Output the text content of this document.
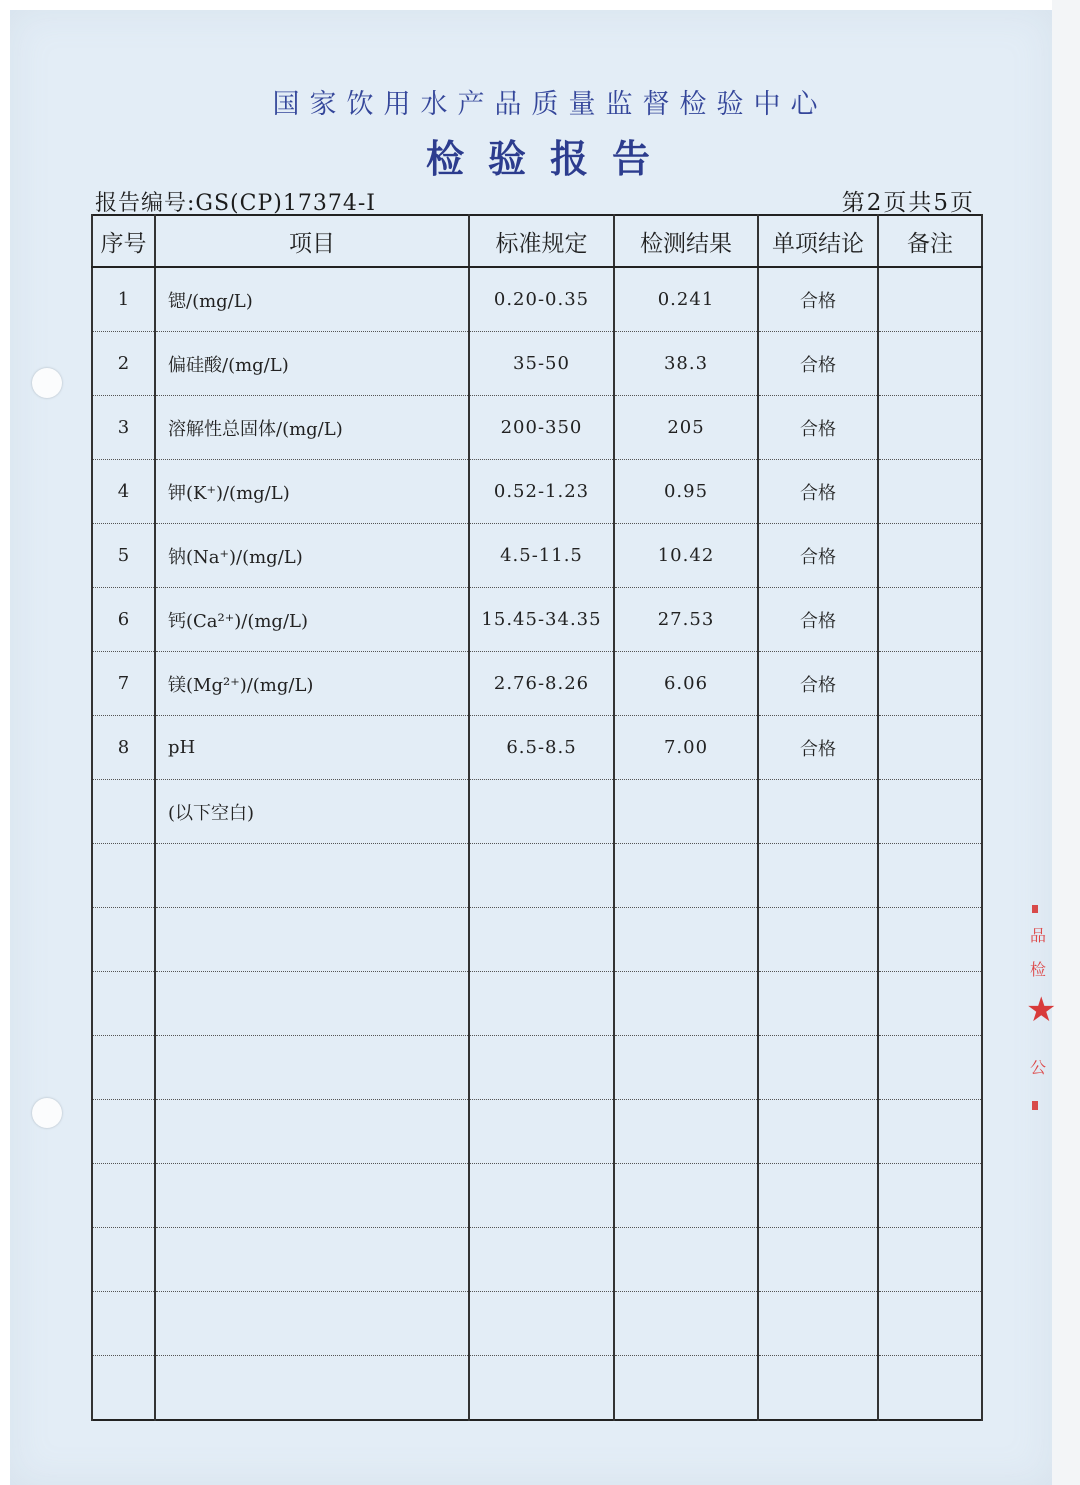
国家饮用水产品质量监督检验中心
检验报告
报告编号:GS(CP)17374-I	第2页共5页
序号	项目	标准规定	检测结果	单项结论	备注
1	锶/(mg/L)	0.20-0.35	0.241	合格	
2	偏硅酸/(mg/L)	35-50	38.3	合格	
3	溶解性总固体/(mg/L)	200-350	205	合格	
4	钾(K⁺)/(mg/L)	0.52-1.23	0.95	合格	
5	钠(Na⁺)/(mg/L)	4.5-11.5	10.42	合格	
6	钙(Ca²⁺)/(mg/L)	15.45-34.35	27.53	合格	
7	镁(Mg²⁺)/(mg/L)	2.76-8.26	6.06	合格	
8	pH	6.5-8.5	7.00	合格	
	(以下空白)				

品
检
★
公
